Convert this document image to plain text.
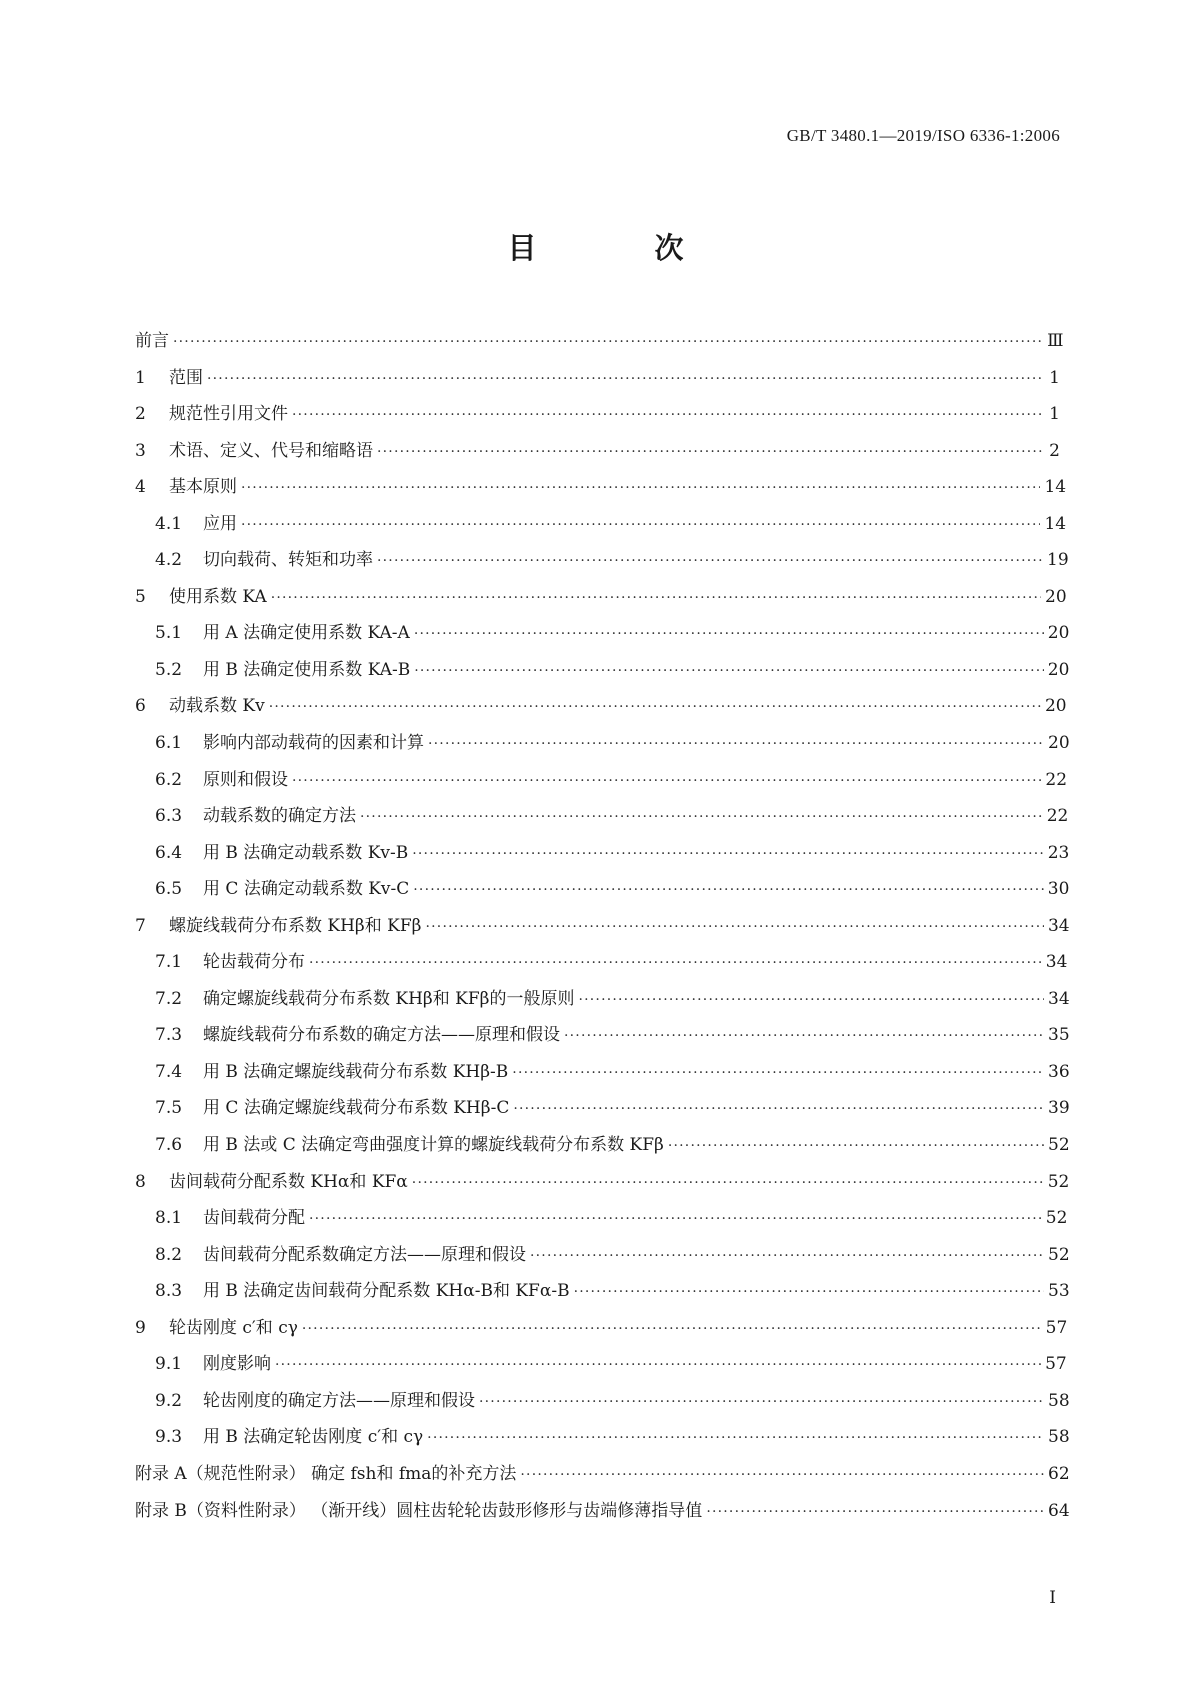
GB/T 3480.1—2019/ISO 6336-1:2006
目 次
前言 ·····	Ⅲ
1	范围 ·····	1
2	规范性引用文件 ·····	1
3	术语、定义、代号和缩略语 ·····	2
4	基本原则 ·····	14
4.1	应用 ·····	14
4.2	切向载荷、转矩和功率 ·····	19
5	使用系数 KA ·····	20
5.1	用 A 法确定使用系数 KA-A ·····	20
5.2	用 B 法确定使用系数 KA-B ·····	20
6	动载系数 Kv ·····	20
6.1	影响内部动载荷的因素和计算 ·····	20
6.2	原则和假设 ·····	22
6.3	动载系数的确定方法 ·····	22
6.4	用 B 法确定动载系数 Kv-B ·····	23
6.5	用 C 法确定动载系数 Kv-C ·····	30
7	螺旋线载荷分布系数 KHβ和 KFβ ·····	34
7.1	轮齿载荷分布 ·····	34
7.2	确定螺旋线载荷分布系数 KHβ和 KFβ的一般原则 ·····	34
7.3	螺旋线载荷分布系数的确定方法——原理和假设 ·····	35
7.4	用 B 法确定螺旋线载荷分布系数 KHβ-B ·····	36
7.5	用 C 法确定螺旋线载荷分布系数 KHβ-C ·····	39
7.6	用 B 法或 C 法确定弯曲强度计算的螺旋线载荷分布系数 KFβ ·····	52
8	齿间载荷分配系数 KHα和 KFα ·····	52
8.1	齿间载荷分配 ·····	52
8.2	齿间载荷分配系数确定方法——原理和假设 ·····	52
8.3	用 B 法确定齿间载荷分配系数 KHα-B和 KFα-B ·····	53
9	轮齿刚度 c′和 cγ ·····	57
9.1	刚度影响 ·····	57
9.2	轮齿刚度的确定方法——原理和假设 ·····	58
9.3	用 B 法确定轮齿刚度 c′和 cγ ·····	58
附录 A（规范性附录） 确定 fsh和 fma的补充方法 ·····	62
附录 B（资料性附录） （渐开线）圆柱齿轮轮齿鼓形修形与齿端修薄指导值 ·····	64
I
